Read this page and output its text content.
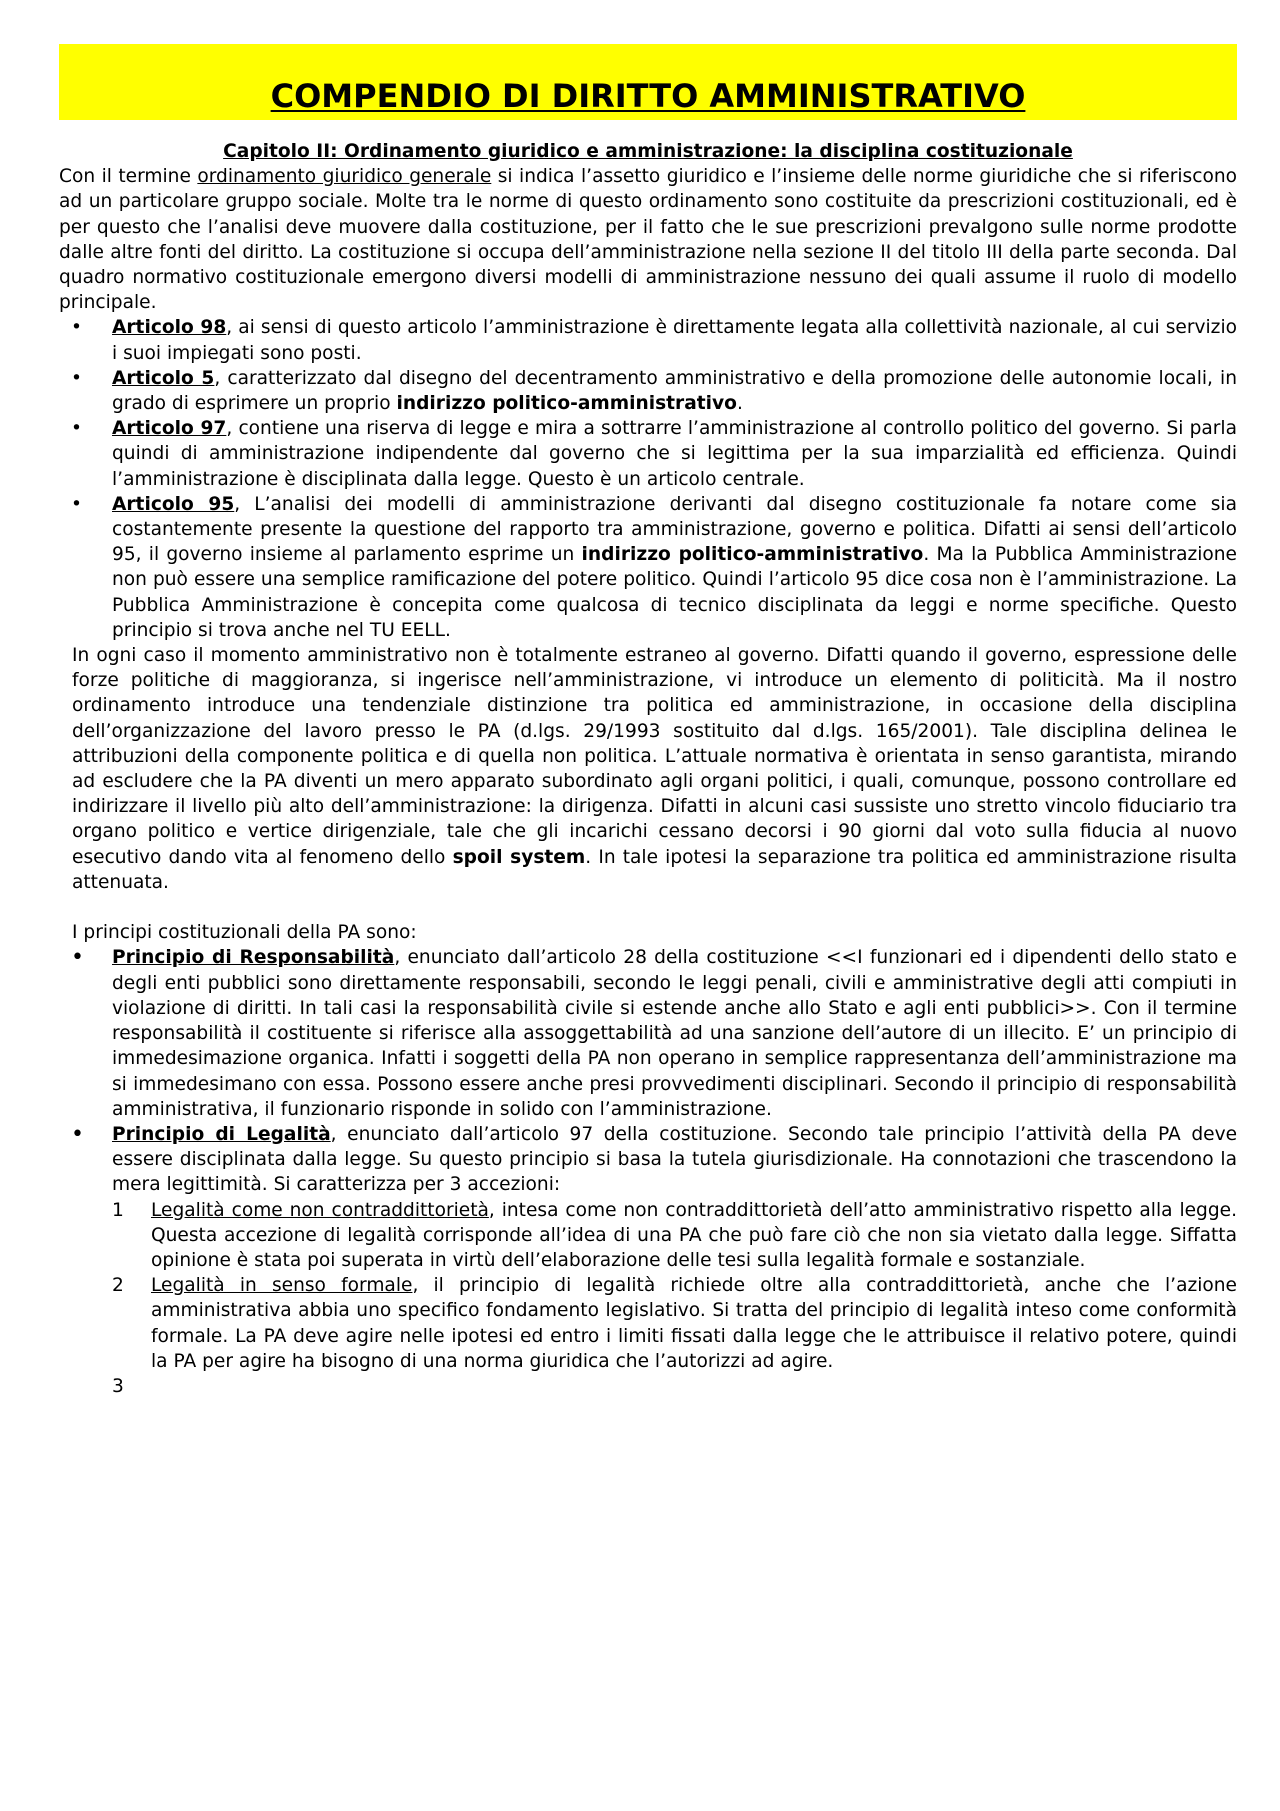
COMPENDIO DI DIRITTO AMMINISTRATIVO
Capitolo II: Ordinamento giuridico e amministrazione: la disciplina costituzionale

Con il termine ordinamento giuridico generale si indica l’assetto giuridico e l’insieme delle norme giuridiche che si riferiscono ad un particolare gruppo sociale. Molte tra le norme di questo ordinamento sono costituite da prescrizioni costituzionali, ed è per questo che l’analisi deve muovere dalla costituzione, per il fatto che le sue prescrizioni prevalgono sulle norme prodotte dalle altre fonti del diritto. La costituzione si occupa dell’amministrazione nella sezione II del titolo III della parte seconda. Dal quadro normativo costituzionale emergono diversi modelli di amministrazione nessuno dei quali assume il ruolo di modello principale.

• Articolo 98, ai sensi di questo articolo l’amministrazione è direttamente legata alla collettività nazionale, al cui servizio i suoi impiegati sono posti.
• Articolo 5, caratterizzato dal disegno del decentramento amministrativo e della promozione delle autonomie locali, in grado di esprimere un proprio indirizzo politico-amministrativo.
• Articolo 97, contiene una riserva di legge e mira a sottrarre l’amministrazione al controllo politico del governo. Si parla quindi di amministrazione indipendente dal governo che si legittima per la sua imparzialità ed efficienza. Quindi l’amministrazione è disciplinata dalla legge. Questo è un articolo centrale.
• Articolo 95, L’analisi dei modelli di amministrazione derivanti dal disegno costituzionale fa notare come sia costantemente presente la questione del rapporto tra amministrazione, governo e politica. Difatti ai sensi dell’articolo 95, il governo insieme al parlamento esprime un indirizzo politico-amministrativo. Ma la Pubblica Amministrazione non può essere una semplice ramificazione del potere politico. Quindi l’articolo 95 dice cosa non è l’amministrazione. La Pubblica Amministrazione è concepita come qualcosa di tecnico disciplinata da leggi e norme specifiche. Questo principio si trova anche nel TU EELL.

In ogni caso il momento amministrativo non è totalmente estraneo al governo. Difatti quando il governo, espressione delle forze politiche di maggioranza, si ingerisce nell’amministrazione, vi introduce un elemento di politicità. Ma il nostro ordinamento introduce una tendenziale distinzione tra politica ed amministrazione, in occasione della disciplina dell’organizzazione del lavoro presso le PA (d.lgs. 29/1993 sostituito dal d.lgs. 165/2001). Tale disciplina delinea le attribuzioni della componente politica e di quella non politica. L’attuale normativa è orientata in senso garantista, mirando ad escludere che la PA diventi un mero apparato subordinato agli organi politici, i quali, comunque, possono controllare ed indirizzare il livello più alto dell’amministrazione: la dirigenza. Difatti in alcuni casi sussiste uno stretto vincolo fiduciario tra organo politico e vertice dirigenziale, tale che gli incarichi cessano decorsi i 90 giorni dal voto sulla fiducia al nuovo esecutivo dando vita al fenomeno dello spoil system. In tale ipotesi la separazione tra politica ed amministrazione risulta attenuata.

I principi costituzionali della PA sono:

• Principio di Responsabilità, enunciato dall’articolo 28 della costituzione <<I funzionari ed i dipendenti dello stato e degli enti pubblici sono direttamente responsabili, secondo le leggi penali, civili e amministrative degli atti compiuti in violazione di diritti. In tali casi la responsabilità civile si estende anche allo Stato e agli enti pubblici>>. Con il termine responsabilità il costituente si riferisce alla assoggettabilità ad una sanzione dell’autore di un illecito. E’ un principio di immedesimazione organica. Infatti i soggetti della PA non operano in semplice rappresentanza dell’amministrazione ma si immedesimano con essa. Possono essere anche presi provvedimenti disciplinari. Secondo il principio di responsabilità amministrativa, il funzionario risponde in solido con l’amministrazione.
• Principio di Legalità, enunciato dall’articolo 97 della costituzione. Secondo tale principio l’attività della PA deve essere disciplinata dalla legge. Su questo principio si basa la tutela giurisdizionale. Ha connotazioni che trascendono la mera legittimità. Si caratterizza per 3 accezioni:
1 Legalità come non contraddittorietà, intesa come non contraddittorietà dell’atto amministrativo rispetto alla legge. Questa accezione di legalità corrisponde all’idea di una PA che può fare ciò che non sia vietato dalla legge. Siffatta opinione è stata poi superata in virtù dell’elaborazione delle tesi sulla legalità formale e sostanziale.
2 Legalità in senso formale, il principio di legalità richiede oltre alla contraddittorietà, anche che l’azione amministrativa abbia uno specifico fondamento legislativo. Si tratta del principio di legalità inteso come conformità formale. La PA deve agire nelle ipotesi ed entro i limiti fissati dalla legge che le attribuisce il relativo potere, quindi la PA per agire ha bisogno di una norma giuridica che l’autorizzi ad agire.
3
